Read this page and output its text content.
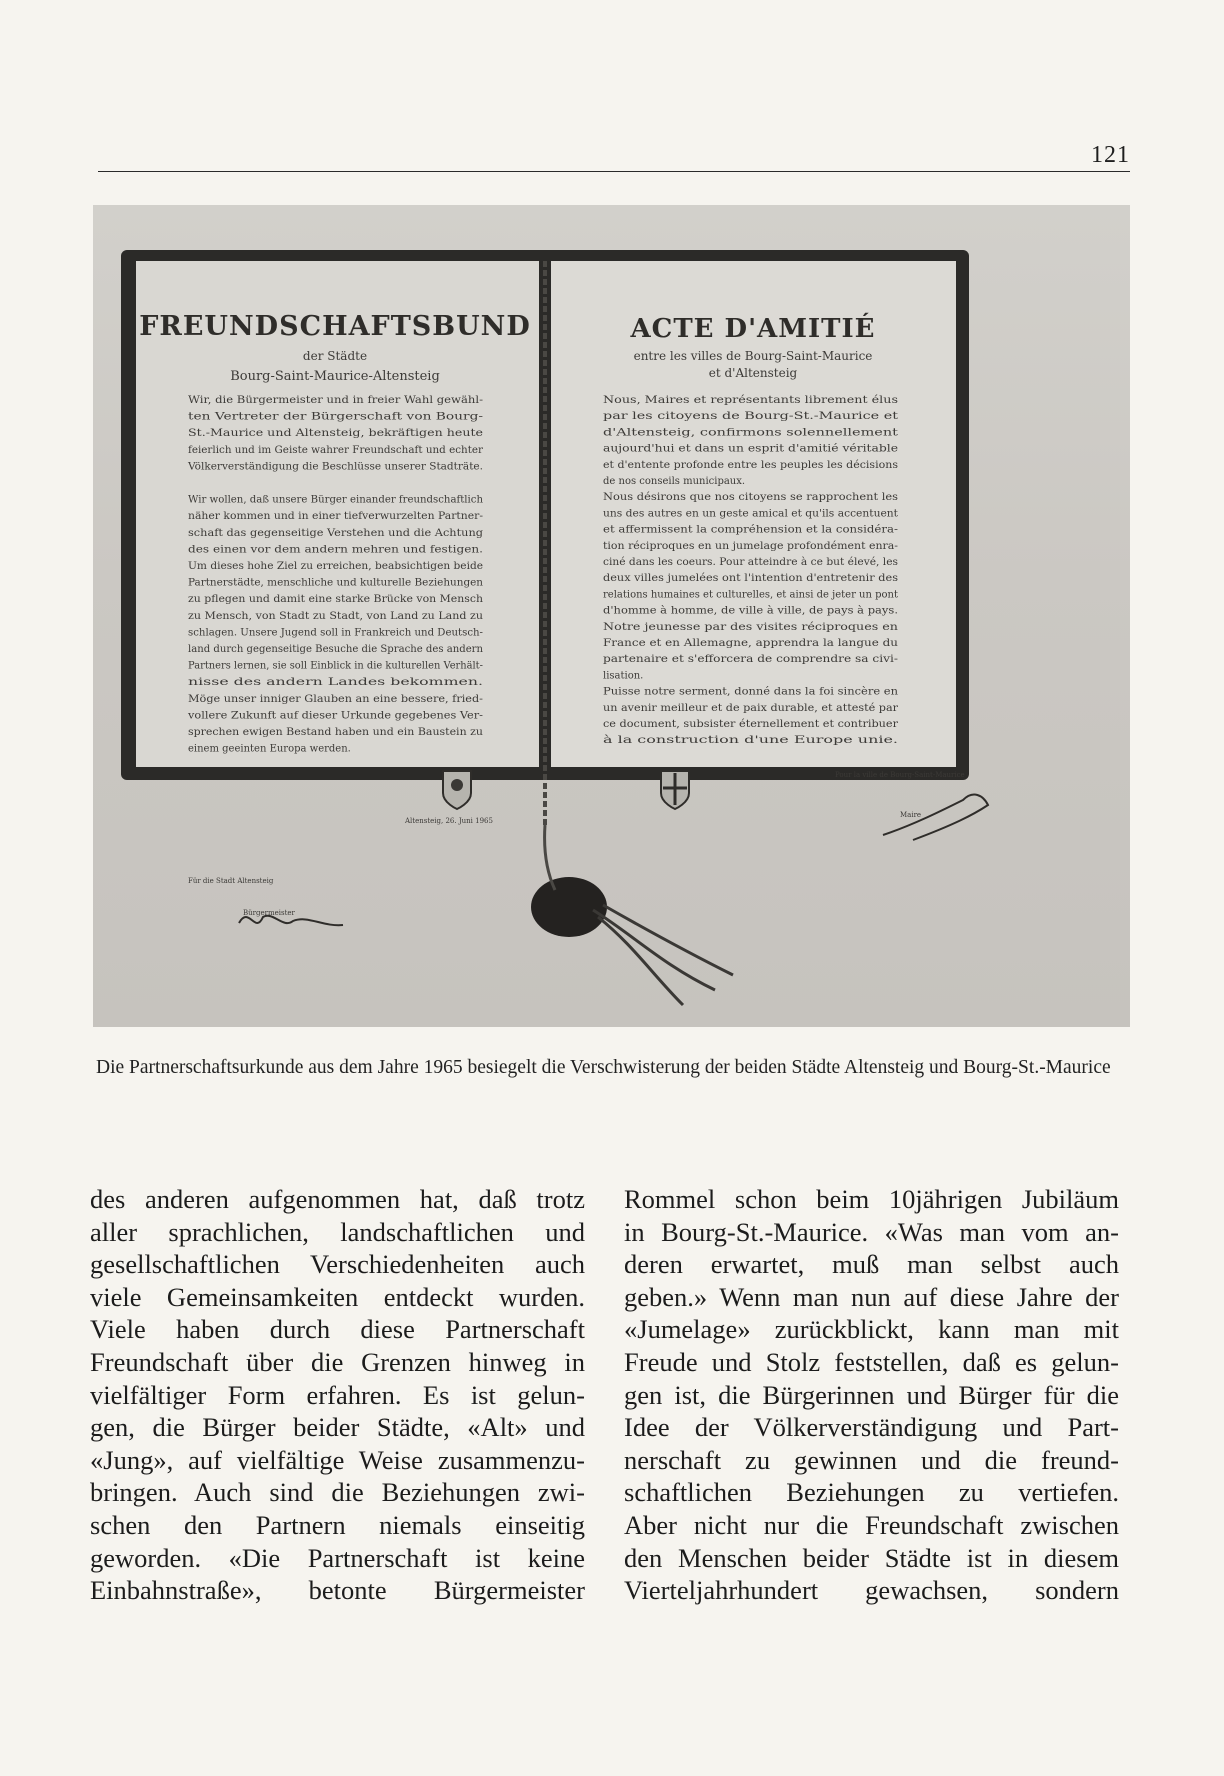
121
FREUNDSCHAFTSBUND
der Städte
Bourg-Saint-Maurice-Altensteig
Wir, die Bürgermeister und in freier Wahl gewähl-
ten Vertreter der Bürgerschaft von Bourg-
St.-Maurice und Altensteig, bekräftigen heute
feierlich und im Geiste wahrer Freundschaft und echter
Völkerverständigung die Beschlüsse unserer Stadträte.
Wir wollen, daß unsere Bürger einander freundschaftlich
näher kommen und in einer tiefverwurzelten Partner-
schaft das gegenseitige Verstehen und die Achtung
des einen vor dem andern mehren und festigen.
Um dieses hohe Ziel zu erreichen, beabsichtigen beide
Partnerstädte, menschliche und kulturelle Beziehungen
zu pflegen und damit eine starke Brücke von Mensch
zu Mensch, von Stadt zu Stadt, von Land zu Land zu
schlagen. Unsere Jugend soll in Frankreich und Deutsch-
land durch gegenseitige Besuche die Sprache des andern
Partners lernen, sie soll Einblick in die kulturellen Verhält-
nisse des andern Landes bekommen.
Möge unser inniger Glauben an eine bessere, fried-
vollere Zukunft auf dieser Urkunde gegebenes Ver-
sprechen ewigen Bestand haben und ein Baustein zu
einem geeinten Europa werden.
Für die Stadt Altensteig
Altensteig, 26. Juni 1965
Bürgermeister
ACTE D'AMITIÉ
entre les villes de Bourg-Saint-Maurice
et d'Altensteig
Nous, Maires et représentants librement élus
par les citoyens de Bourg-St.-Maurice et
d'Altensteig, confirmons solennellement
aujourd'hui et dans un esprit d'amitié véritable
et d'entente profonde entre les peuples les décisions
de nos conseils municipaux.
Nous désirons que nos citoyens se rapprochent les
uns des autres en un geste amical et qu'ils accentuent
et affermissent la compréhension et la considéra-
tion réciproques en un jumelage profondément enra-
ciné dans les coeurs. Pour atteindre à ce but élevé, les
deux villes jumelées ont l'intention d'entretenir des
relations humaines et culturelles, et ainsi de jeter un pont
d'homme à homme, de ville à ville, de pays à pays.
Notre jeunesse par des visites réciproques en
France et en Allemagne, apprendra la langue du
partenaire et s'efforcera de comprendre sa civi-
lisation.
Puisse notre serment, donné dans la foi sincère en
un avenir meilleur et de paix durable, et attesté par
ce document, subsister éternellement et contribuer
à la construction d'une Europe unie.
Pour la ville de Bourg-Saint-Maurice
Maire
Die Partnerschaftsurkunde aus dem Jahre 1965 besiegelt die Verschwisterung der beiden Städte Altensteig und Bourg-St.-Maurice
des anderen aufgenommen hat, daß trotz
aller sprachlichen, landschaftlichen und
gesellschaftlichen Verschiedenheiten auch
viele Gemeinsamkeiten entdeckt wurden.
Viele haben durch diese Partnerschaft
Freundschaft über die Grenzen hinweg in
vielfältiger Form erfahren. Es ist gelun-
gen, die Bürger beider Städte, «Alt» und
«Jung», auf vielfältige Weise zusammenzu-
bringen. Auch sind die Beziehungen zwi-
schen den Partnern niemals einseitig
geworden. «Die Partnerschaft ist keine
Einbahnstraße», betonte Bürgermeister
Rommel schon beim 10jährigen Jubiläum
in Bourg-St.-Maurice. «Was man vom an-
deren erwartet, muß man selbst auch
geben.» Wenn man nun auf diese Jahre der
«Jumelage» zurückblickt, kann man mit
Freude und Stolz feststellen, daß es gelun-
gen ist, die Bürgerinnen und Bürger für die
Idee der Völkerverständigung und Part-
nerschaft zu gewinnen und die freund-
schaftlichen Beziehungen zu vertiefen.
Aber nicht nur die Freundschaft zwischen
den Menschen beider Städte ist in diesem
Vierteljahrhundert gewachsen, sondern
